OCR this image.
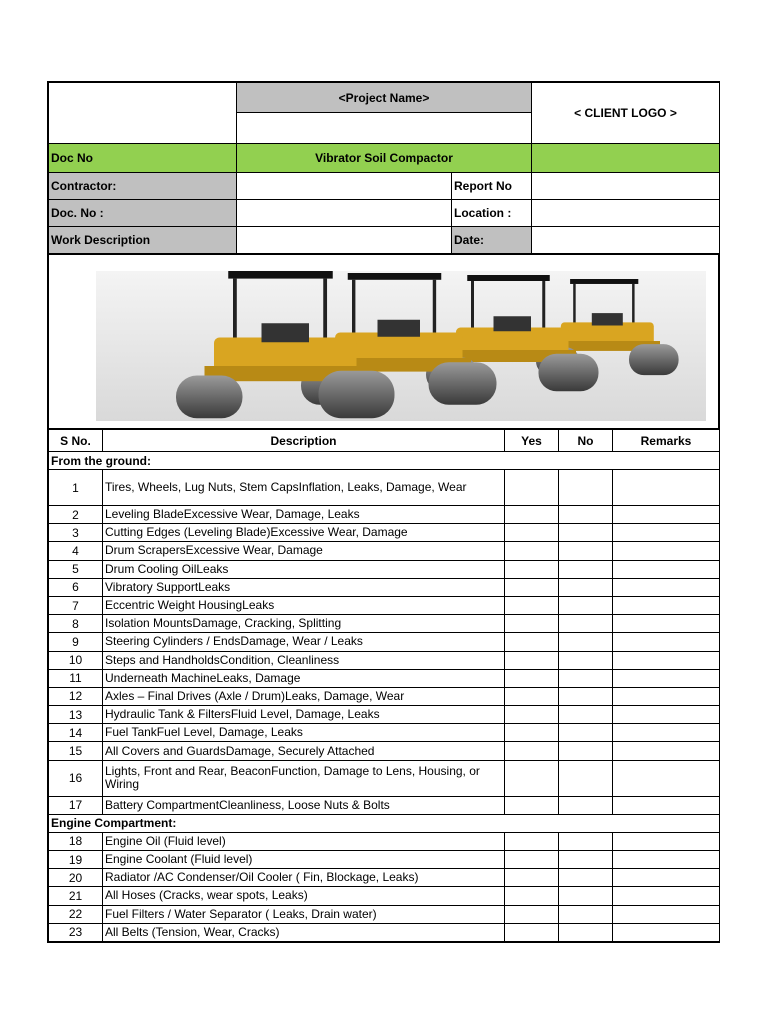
	<Project Name>		< CLIENT LOGO >

Doc No	Vibrator Soil Compactor		
Contractor:		Report No	
Doc. No :		Location :	
Work Description		Date:	
S No.	Description	Yes	No	Remarks
From the ground:				
1	Tires, Wheels, Lug Nuts, Stem CapsInflation, Leaks, Damage, Wear			
2	Leveling BladeExcessive Wear, Damage, Leaks			
3	Cutting Edges (Leveling Blade)Excessive Wear, Damage			
4	Drum ScrapersExcessive Wear, Damage			
5	Drum Cooling OilLeaks			
6	Vibratory SupportLeaks			
7	Eccentric Weight HousingLeaks			
8	Isolation MountsDamage, Cracking, Splitting			
9	Steering Cylinders / EndsDamage, Wear / Leaks			
10	Steps and HandholdsCondition, Cleanliness			
11	Underneath MachineLeaks, Damage			
12	Axles – Final Drives (Axle / Drum)Leaks, Damage, Wear			
13	Hydraulic Tank & FiltersFluid Level, Damage, Leaks			
14	Fuel TankFuel Level, Damage, Leaks			
15	All Covers and GuardsDamage, Securely Attached			
16	Lights, Front and Rear, BeaconFunction, Damage to Lens, Housing, or Wiring			
17	Battery CompartmentCleanliness, Loose Nuts & Bolts			
Engine Compartment:				
18	Engine Oil (Fluid level)			
19	Engine Coolant (Fluid level)			
20	Radiator /AC Condenser/Oil Cooler ( Fin, Blockage, Leaks)			
21	All Hoses (Cracks, wear spots, Leaks)			
22	Fuel Filters / Water Separator ( Leaks, Drain water)			
23	All Belts (Tension, Wear, Cracks)			
